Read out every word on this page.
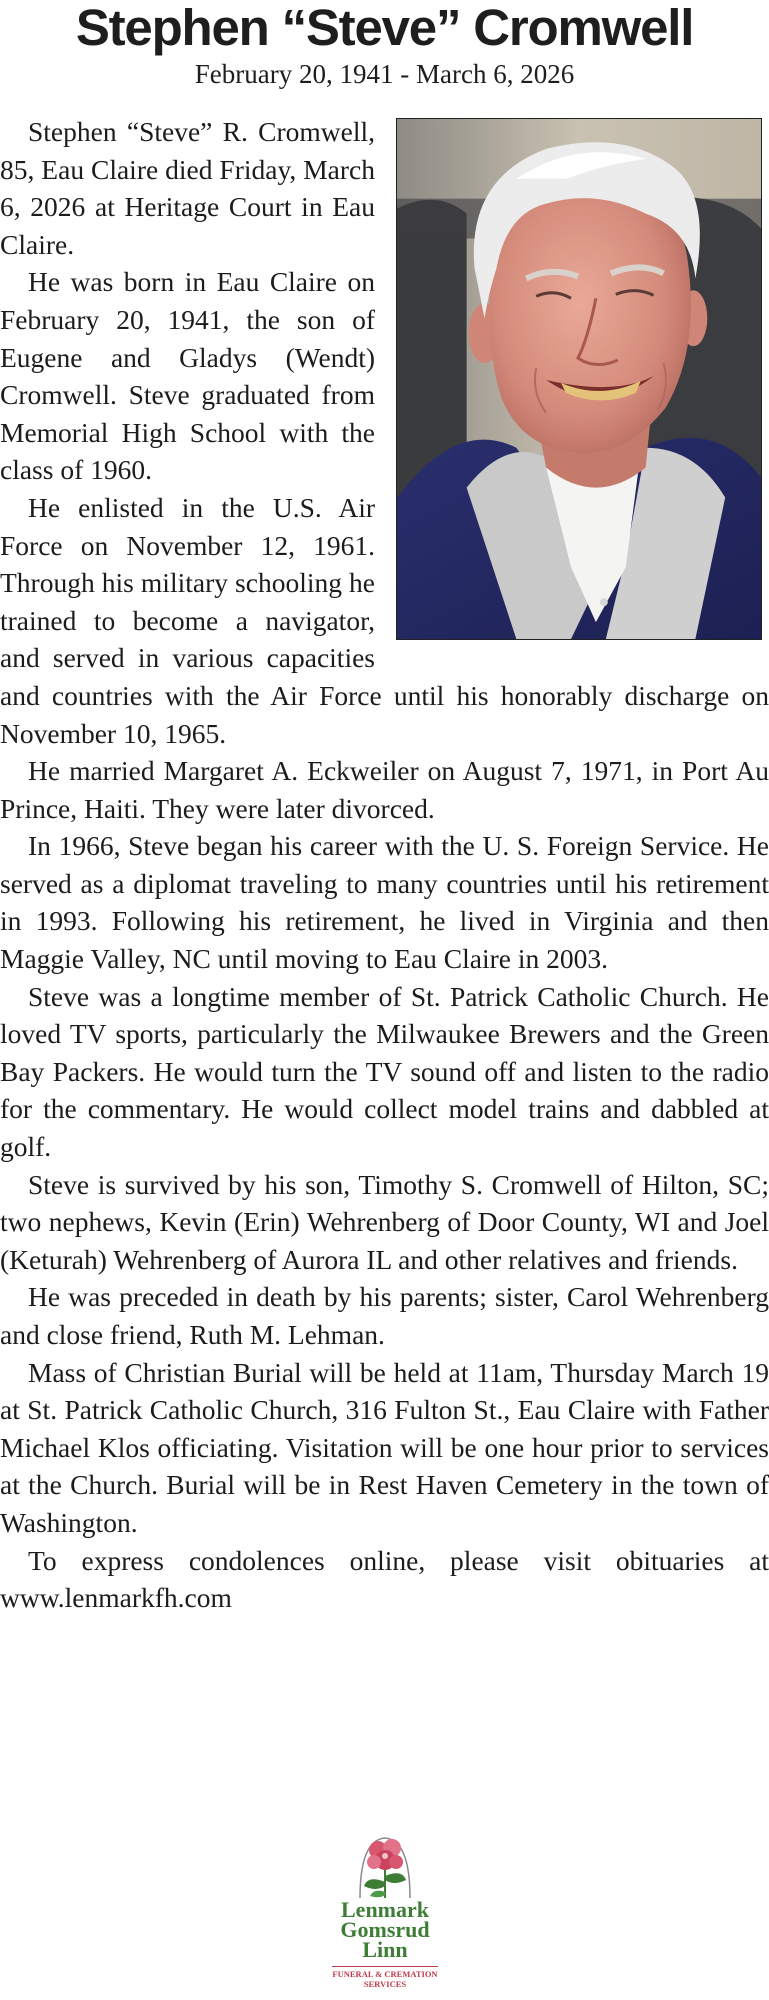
Stephen “Steve” Cromwell
February 20, 1941 - March 6, 2026

Stephen “Steve” R. Cromwell, 85, Eau Claire died Friday, March 6, 2026 at Heritage Court in Eau Claire.

He was born in Eau Claire on February 20, 1941, the son of Eugene and Gladys (Wendt) Cromwell. Steve graduated from Memorial High School with the class of 1960.

He enlisted in the U.S. Air Force on November 12, 1961. Through his military schooling he trained to become a navigator, and served in various capacities and countries with the Air Force until his honorably discharge on November 10, 1965.

He married Margaret A. Eckweiler on August 7, 1971, in Port Au Prince, Haiti. They were later divorced.

In 1966, Steve began his career with the U. S. Foreign Service. He served as a diplomat traveling to many countries until his retirement in 1993. Following his retirement, he lived in Virginia and then Maggie Valley, NC until moving to Eau Claire in 2003.

Steve was a longtime member of St. Patrick Catholic Church. He loved TV sports, particularly the Milwaukee Brewers and the Green Bay Packers. He would turn the TV sound off and listen to the radio for the commentary. He would collect model trains and dabbled at golf.

Steve is survived by his son, Timothy S. Cromwell of Hilton, SC; two nephews, Kevin (Erin) Wehrenberg of Door County, WI and Joel (Keturah) Wehrenberg of Aurora IL and other relatives and friends.

He was preceded in death by his parents; sister, Carol Wehrenberg and close friend, Ruth M. Lehman.

Mass of Christian Burial will be held at 11am, Thursday March 19 at St. Patrick Catholic Church, 316 Fulton St., Eau Claire with Father Michael Klos officiating. Visitation will be one hour prior to services at the Church. Burial will be in Rest Haven Cemetery in the town of Washington.

To express condolences online, please visit obituaries at www.lenmarkfh.com

Lenmark
Gomsrud
Linn
FUNERAL & CREMATION
SERVICES
